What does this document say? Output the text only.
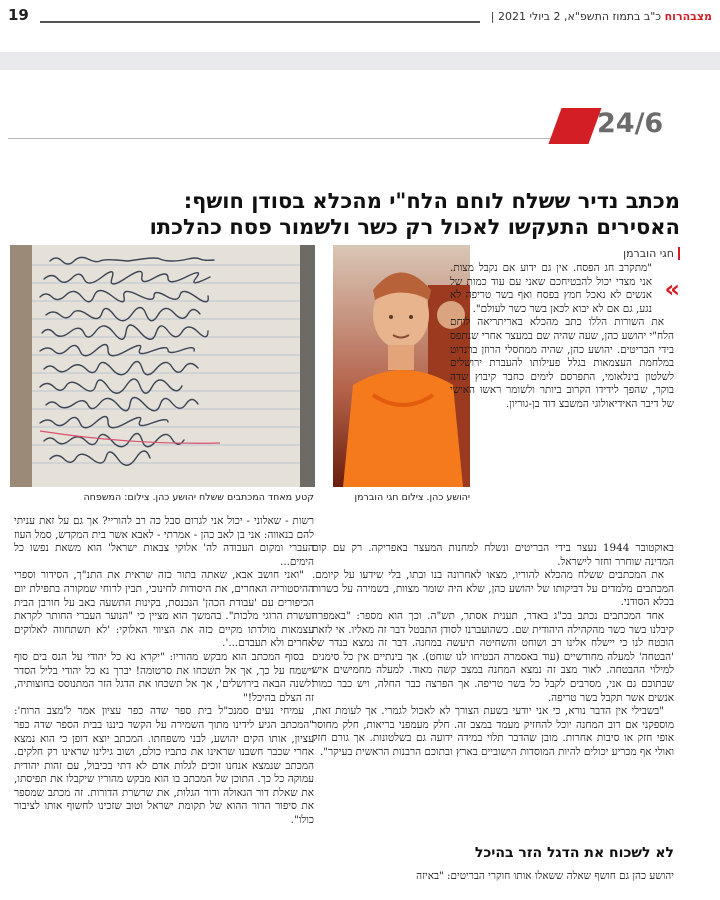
19	מצבהרוח כ"ב בתמוז התשפ"א, 2 ביולי 2021 |
24/6
מכתב נדיר ששלח לוחם הלח"י מהכלא בסודן חושף:
האסירים התעקשו לאכול רק כשר ולשמור פסח כהלכתו
חגי הוברמן
יהושע כהן. צילום חגי הוברמן
קטע מאחד המכתבים ששלח יהושע כהן. צילום: המשפחה
«

"מתקרב חג הפסח. אין גם ידוע אם נקבל מצות. אני מצדי יכול להבטיחכם שאני עם עוד כמות של אנשים לא נאכל חמץ בפסח ואף בשר טריפה לא נגע, גם אם לא יבוא לכאן בשר כשר לעולם".

את השורות הללו כתב מהכלא באריתריאה לוחם הלח"י יהושע כהן, שעה שהיה שם במעצר אחרי שנתפס בידי הבריטים. יהושע כהן, שהיה ממחסלי הרוזן ברנדוט במלחמת העצמאות בגלל פעילותו להעברת ירושלים לשלטון בינלאומי, התפרסם לימים כחבר קיבוץ שדה בוקר, שהפך לידידו הקרוב ביותר ולשומר ראשו האישי של דיבר האידיאולוגי המשבצ דוד בן-גוריון.

באוקטובר 1944 נעצר בידי הבריטים ונשלח למחנות המעצר באפריקה. רק עם קום המדינה שוחרר וחזר לישראל.

את המכתבים ששלח מהכלא להוריו, מצאו לאחרונה בנו ובתו, בלי שידעו על קיומם. המכתבים מלמדים על דביקותו של יהושע כהן, שלא היה שומר מצוות, בשמירה על כשרות בכלא הסודני.

אחד המכתבים נכתב בכ"ג באדר, תענית אסתר, תש"ה. וכך הוא מספר: "באמפרה קיבלנו בשר כשר מהקהילה היהודית שם. כשהועברנו לסודן התבטל דבר זה מאליו. אי לזאת הובטח לנו כי יישלח אלינו רב ושוחט והשחיטה תיעשה במחנה. דבר זה נמצא בנדר של 'הבטחה' למעלה מחודשיים (עוד באסמרה הבטיחו לנו שוחט). אך בינתיים אין כל סימנים למילוי ההבטחה. לאור מצב זה נמצא המחנה במצב קשה מאוד. למעלה מחמישים איש שבתוכם גם אני, מסרבים לקבל כל בשר טריפה. אך הפרצה כבר החלה, ויש כבר כמות אנשים אשר תקבל בשר טריפה.

"בשבילי אין הדבר נורא, כי אני יודעי בשעת הצורך לא לאכול לגמרי. אך לעומת זאת, מוספקני אם רוב המחנה יוכל להחזיק מעמד במצב זה. חלק מעמפני בריאות, חלק מחוסר אופי חזק או סיבות אחרות. מובן שהדבר תלוי במידה ידועה גם בשלטונות. אך גורם חזק ואולי אף מכריע יכולים להיות המוסדות הישוביים בארץ ובתוכם הרבנות הראשית בעיקר".

רשות - שאלוני - יכול אני לגרום סבל כה רב להוריי? אך גם על זאת עניתי להם בנאווה: אני בן לאב כהן - אמרתי - לאבא אשר בית המקדש, סמל העוז העברי ומקום העבודה לה' אלוקי צבאות ישראל' הוא משאת נפשו כל הימים...

"ואני חושב אבא, שאתה בתור כזה שראית את התנ"ך, הסידור וספרי ההיסטוריה האחרים, את היסודות לחינוכי, תבין לרוחי שמקורה בתפילת יום הכיפורים עם 'עבודת הכהן' הנכנסת, בקינות התשעה באב על חורבן הבית ועשרת הרוגי מלכות". בהמשך הוא מציין כי "הנוער העברי החותר לקראת עצמאות מולדתו מקיים כזה את הציווי האלוקי: 'לא תשתחווה לאלוקים אחרים ולא תעבדם...'.

בסוף המכתב הוא מבקש מהוריו: "יקרא נא כל יהודי על הנס בים סוף וישמח על כך, אך אל תשכחו את סרטומה! יברך נא כל יהודי בליל הסדר 'לשנה הבאה בירושלים', אך אל תשכחו את הדגל הזר המתנוסס בחוצותיה, זה הצלם בהיכל!"

עמיחי נעים סמנכ"ל בית ספר שדה כפר עציון אמר ל'מצב הרוח': "המכתב הגיע לידינו מתוך השמירה על הקשר ביננו בבית הספר שדה כפר עציון, אותו הקים יהושע, לבני משפחתו. המכתב יוצא דופן כי הוא נמצא אחרי שכבר חשבנו שראינו את כתביו כולם, ושוב גילינו שראינו רק חלקים. המכתב שנמצא אנחנו זוכים לגלות אדם לא דתי בכיבול, עם זהות יהודית עמוקה כל כך. התוכן של המכתב בו הוא מבקש מהוריו שיקבלו את תפיסתו, את שאלת דור הגאולה ודור הגלות, את שרשרת הדורות. זה מכתב שמספר את סיפור הדור ההוא של תקומת ישראל וטוב שזכינו לחשוף אותו לציבור כולו".

לא לשכוח את הדגל הזר בהיכל
יהושע כהן גם חושף שאלה ששאלו אותו חוקרי הבריטים: "באיזה
